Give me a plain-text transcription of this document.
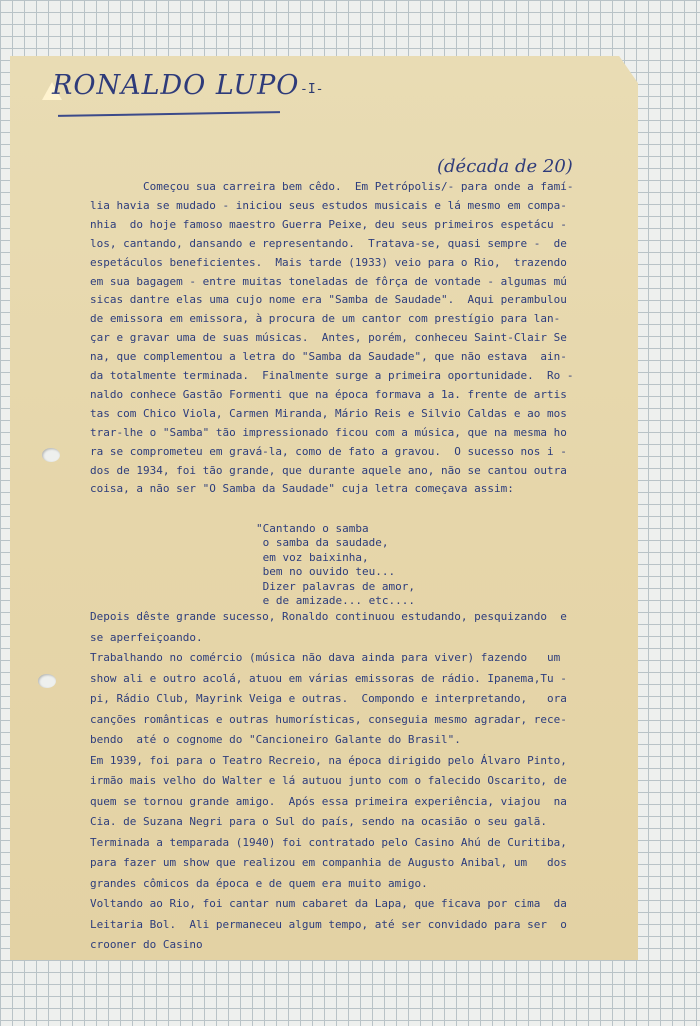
RONALDO LUPO -I-
(década de 20)
Começou sua carreira bem cêdo.  Em Petrópolis/- para onde a famí-
lia havia se mudado - iniciou seus estudos musicais e lá mesmo em compa-
nhia  do hoje famoso maestro Guerra Peixe, deu seus primeiros espetácu -
los, cantando, dansando e representando.  Tratava-se, quasi sempre -  de
espetáculos beneficientes.  Mais tarde (1933) veio para o Rio,  trazendo
em sua bagagem - entre muitas toneladas de fôrça de vontade - algumas mú
sicas dantre elas uma cujo nome era "Samba de Saudade".  Aqui perambulou
de emissora em emissora, à procura de um cantor com prestígio para lan-
çar e gravar uma de suas músicas.  Antes, porém, conheceu Saint-Clair Se
na, que complementou a letra do "Samba da Saudade", que não estava  ain-
da totalmente terminada.  Finalmente surge a primeira oportunidade.  Ro -
naldo conhece Gastão Formenti que na época formava a 1a. frente de artis
tas com Chico Viola, Carmen Miranda, Mário Reis e Silvio Caldas e ao mos
trar-lhe o "Samba" tão impressionado ficou com a música, que na mesma ho
ra se comprometeu em gravá-la, como de fato a gravou.  O sucesso nos i -
dos de 1934, foi tão grande, que durante aquele ano, não se cantou outra
coisa, a não ser "O Samba da Saudade" cuja letra começava assim:
"Cantando o samba
o samba da saudade,
em voz baixinha,
bem no ouvido teu...
Dizer palavras de amor,
e de amizade... etc....
Depois dêste grande sucesso, Ronaldo continuou estudando, pesquizando  e
se aperfeiçoando.
Trabalhando no comércio (música não dava ainda para viver) fazendo   um
show ali e outro acolá, atuou em várias emissoras de rádio. Ipanema,Tu -
pi, Rádio Club, Mayrink Veiga e outras.  Compondo e interpretando,   ora
canções românticas e outras humorísticas, conseguia mesmo agradar, rece-
bendo  até o cognome do "Cancioneiro Galante do Brasil".
Em 1939, foi para o Teatro Recreio, na época dirigido pelo Álvaro Pinto,
irmão mais velho do Walter e lá autuou junto com o falecido Oscarito, de
quem se tornou grande amigo.  Após essa primeira experiência, viajou  na
Cia. de Suzana Negri para o Sul do país, sendo na ocasião o seu galã.
Terminada a temparada (1940) foi contratado pelo Casino Ahú de Curitiba,
para fazer um show que realizou em companhia de Augusto Anibal, um   dos
grandes cômicos da época e de quem era muito amigo.
Voltando ao Rio, foi cantar num cabaret da Lapa, que ficava por cima  da
Leitaria Bol.  Ali permaneceu algum tempo, até ser convidado para ser  o
crooner do Casino
